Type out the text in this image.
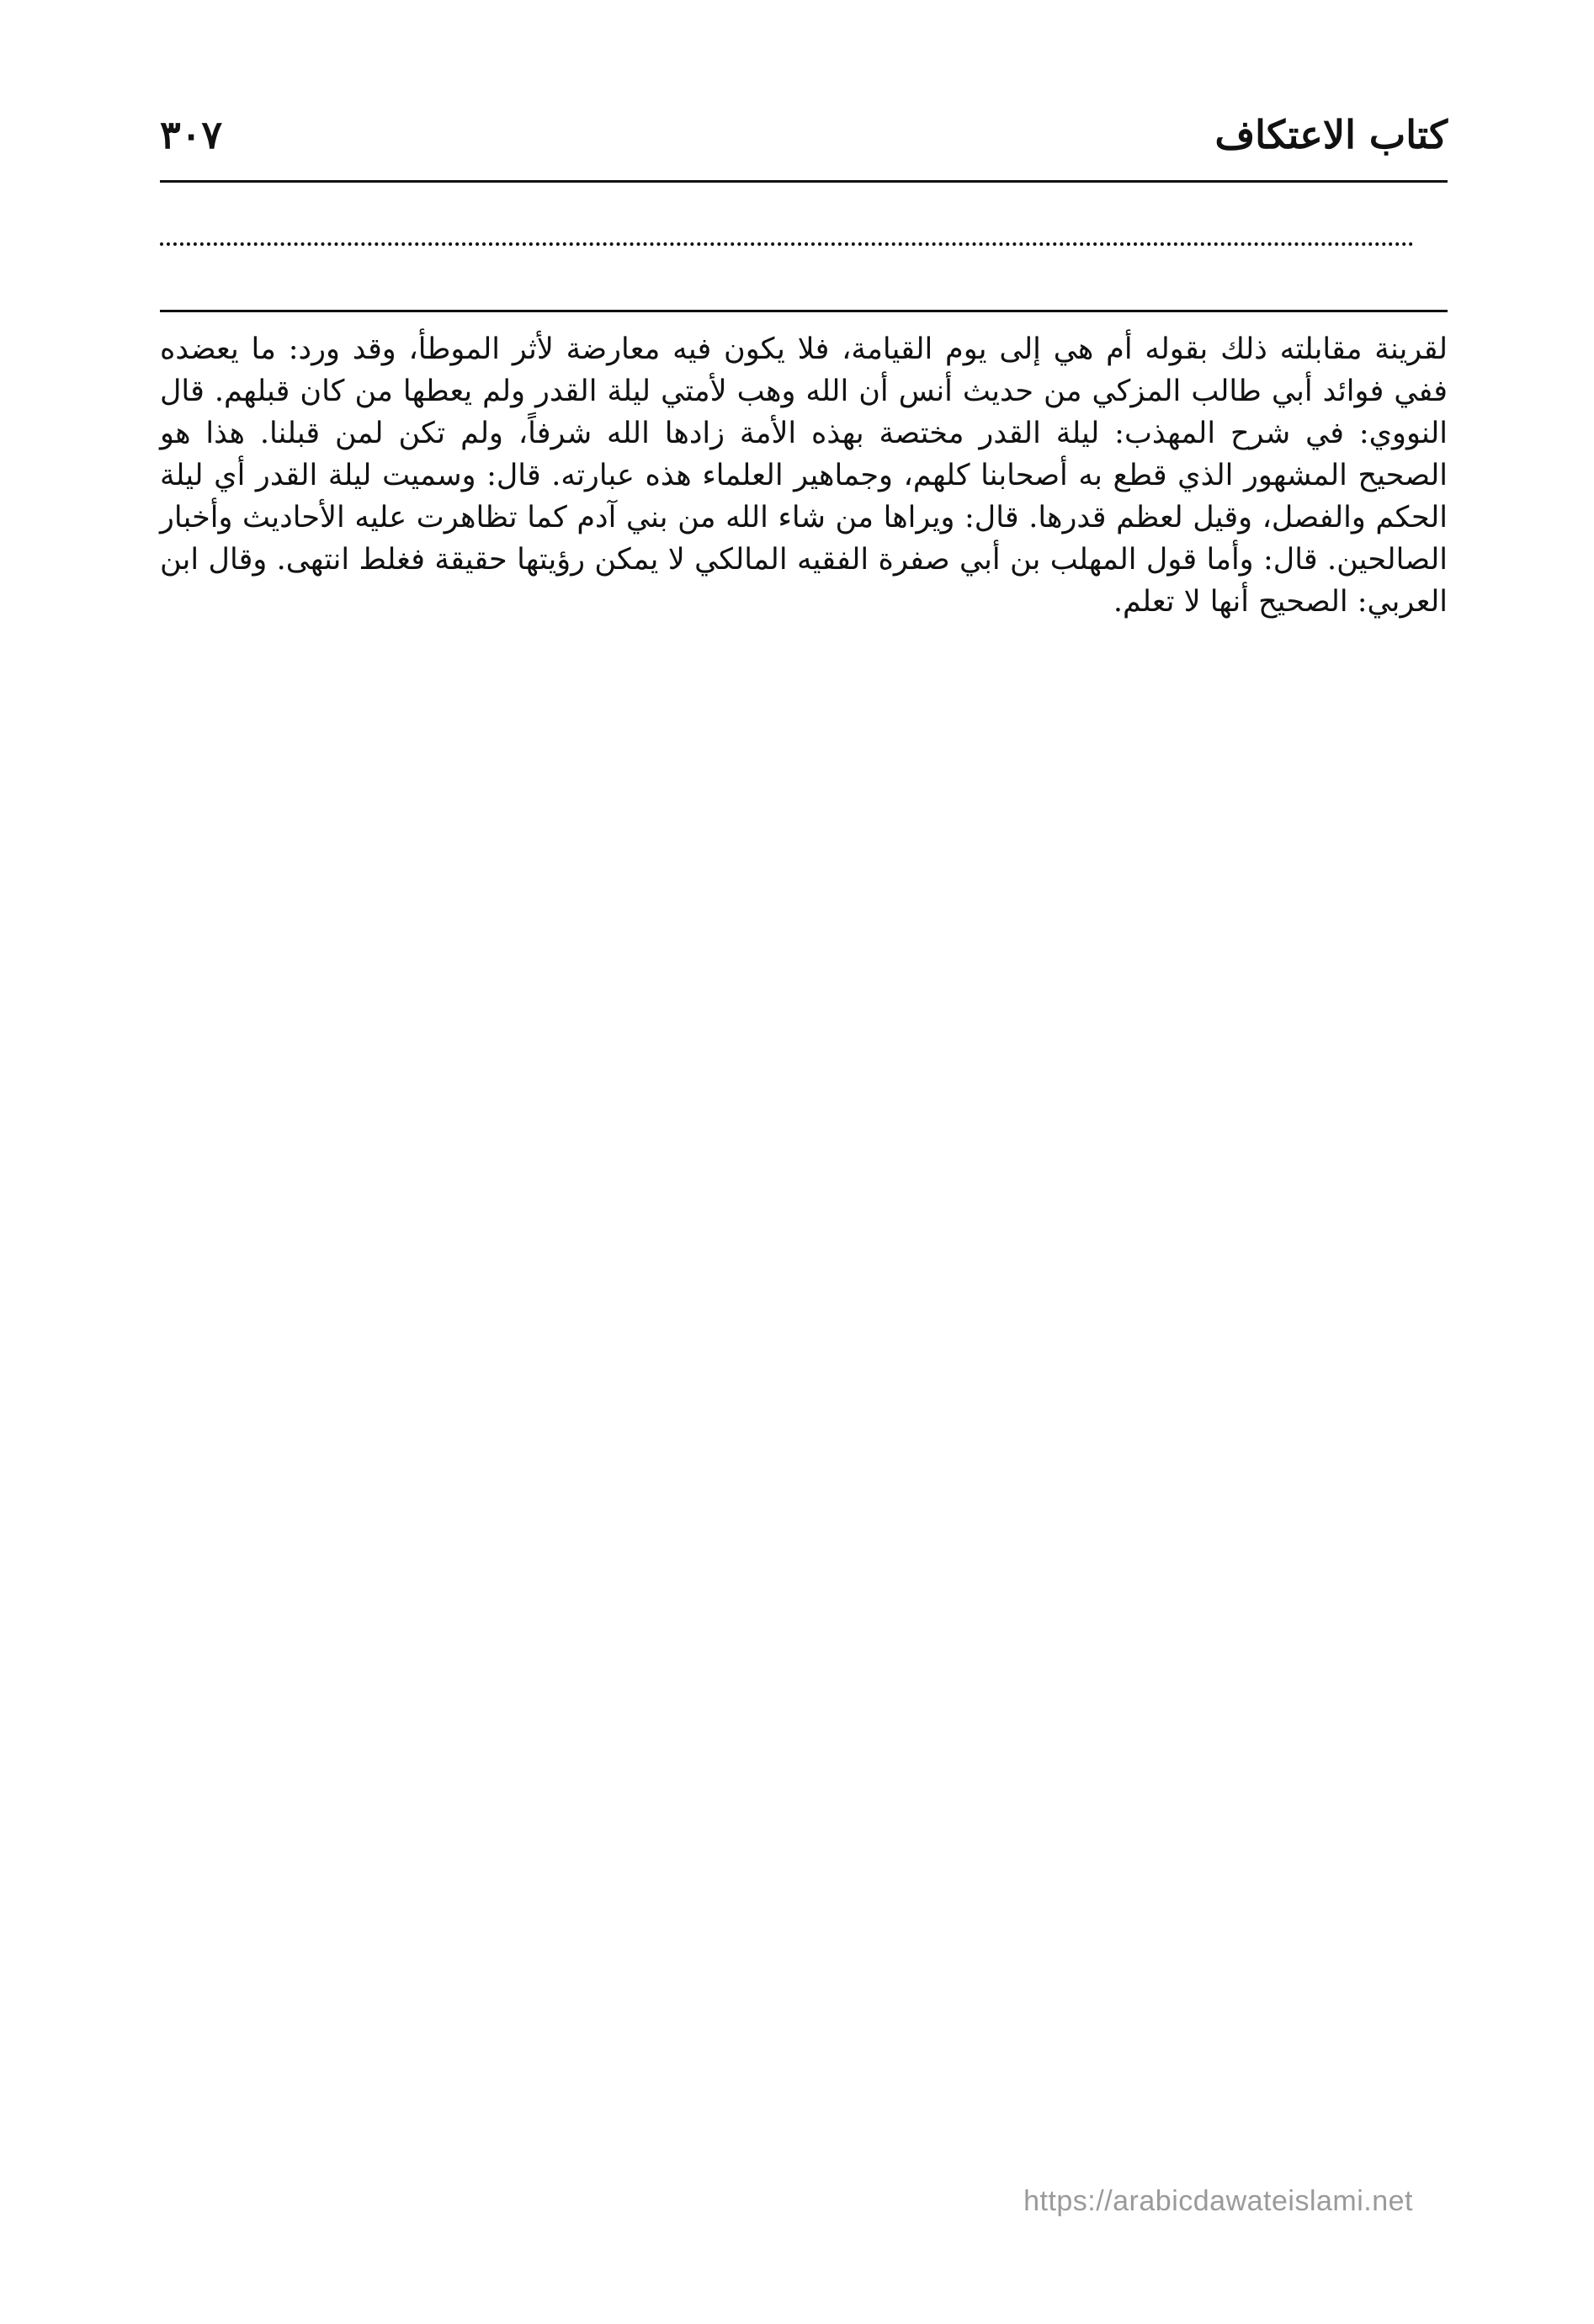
كتاب الاعتكاف
٣٠٧
لقرينة مقابلته ذلك بقوله أم هي إلى يوم القيامة، فلا يكون فيه معارضة لأثر الموطأ، وقد ورد: ما يعضده ففي فوائد أبي طالب المزكي من حديث أنس أن الله وهب لأمتي ليلة القدر ولم يعطها من كان قبلهم. قال النووي: في شرح المهذب: ليلة القدر مختصة بهذه الأمة زادها الله شرفاً، ولم تكن لمن قبلنا. هذا هو الصحيح المشهور الذي قطع به أصحابنا كلهم، وجماهير العلماء هذه عبارته. قال: وسميت ليلة القدر أي ليلة الحكم والفصل، وقيل لعظم قدرها. قال: ويراها من شاء الله من بني آدم كما تظاهرت عليه الأحاديث وأخبار الصالحين. قال: وأما قول المهلب بن أبي صفرة الفقيه المالكي لا يمكن رؤيتها حقيقة فغلط انتهى. وقال ابن العربي: الصحيح أنها لا تعلم.
https://arabicdawateislami.net
